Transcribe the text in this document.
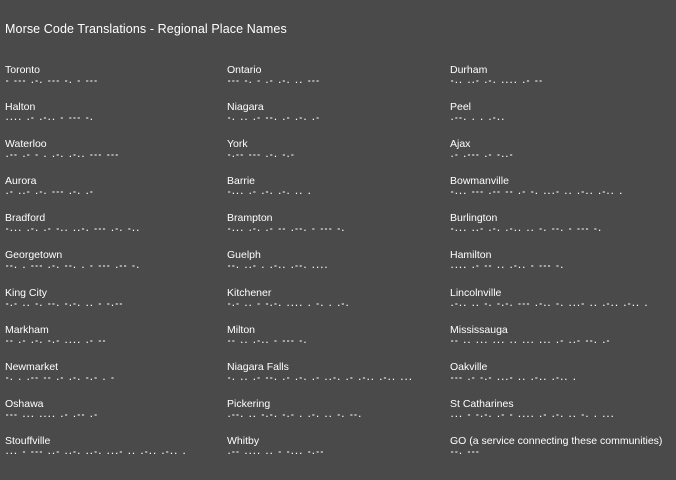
Morse Code Translations - Regional Place Names
Toronto
- --- .-. --- -. - ---
Halton
.... .- .-.. - --- -.
Waterloo
.-- .- - . .-. .-.. --- ---
Aurora
.- ..- .-. --- .-. .-
Bradford
-... .-. .- -.. ..-. --- .-. -..
Georgetown
--. . --- .-. --. . - --- .-- -.
King City
-.- .. -. --. -.-. .. - -.--
Markham
-- .- .-. -.- .... .- --
Newmarket
-. . .-- -- .- .-. -.- . -
Oshawa
--- ... .... .- .-- .-
Stouffville
... - --- ..- ..-. ..-. ...- .. .-.. .-.. .
Ontario
--- -. - .- .-. .. ---
Niagara
-. .. .- --. .- .-. .-
York
-.-- --- .-. -.-
Barrie
-... .- .-. .-. .. .
Brampton
-... .-. .- -- .--. - --- -.
Guelph
--. ..- . .-.. .--. ....
Kitchener
-.- .. - -.-. .... . -. . .-.
Milton
-- .. .-.. - --- -.
Niagara Falls
-. .. .- --. .- .-. .- ..-. .- .-.. .-.. ...
Pickering
.--. .. -.-. -.- . .-. .. -. --.
Whitby
.-- .... .. - -... -.--
Durham
-.. ..- .-. .... .- --
Peel
.--. . . .-..
Ajax
.- .--- .- -..-
Bowmanville
-... --- .-- -- .- -. ...- .. .-.. .-.. .
Burlington
-... ..- .-. .-.. .. -. --. - --- -.
Hamilton
.... .- -- .. .-.. - --- -.
Lincolnville
.-.. .. -. -.-. --- .-.. -. ...- .. .-.. .-.. .
Mississauga
-- .. ... ... .. ... ... .- ..- --. .-
Oakville
--- .- -.- ...- .. .-.. .-.. .
St Catharines
... - -.-. .- - .... .- .-. .. -. . ...
GO (a service connecting these communities)
--. ---
